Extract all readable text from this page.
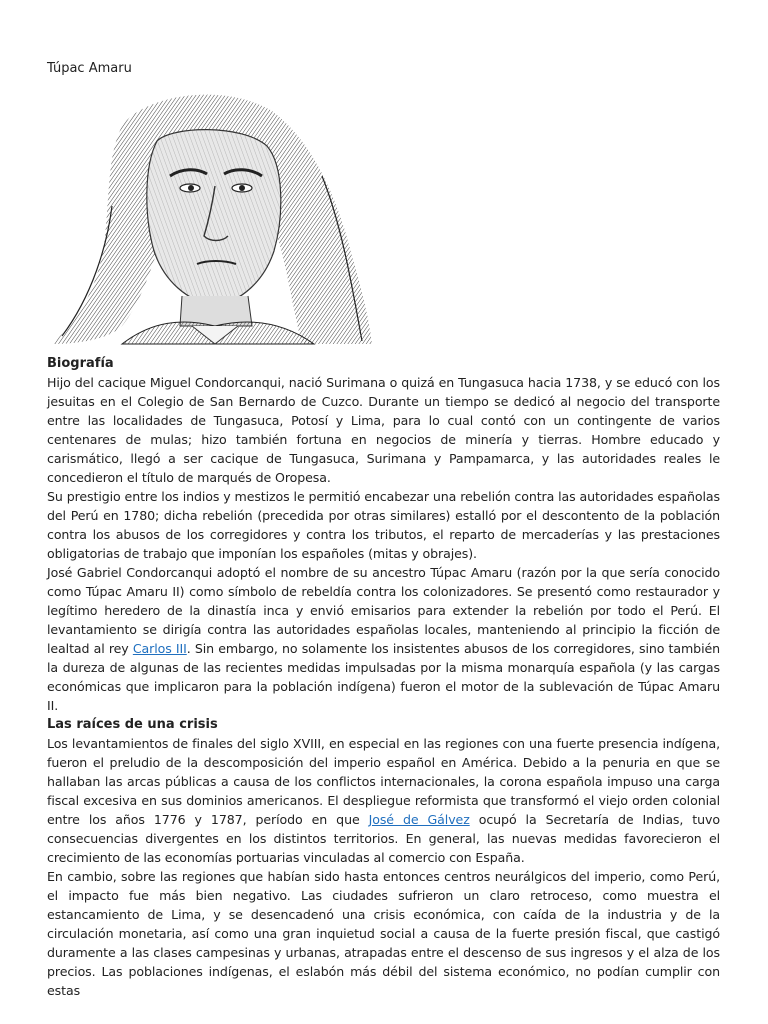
Túpac Amaru

Biografía

Hijo del cacique Miguel Condorcanqui, nació Surimana o quizá en Tungasuca hacia 1738, y se educó con los jesuitas en el Colegio de San Bernardo de Cuzco. Durante un tiempo se dedicó al negocio del transporte entre las localidades de Tungasuca, Potosí y Lima, para lo cual contó con un contingente de varios centenares de mulas; hizo también fortuna en negocios de minería y tierras. Hombre educado y carismático, llegó a ser cacique de Tungasuca, Surimana y Pampamarca, y las autoridades reales le concedieron el título de marqués de Oropesa.

Su prestigio entre los indios y mestizos le permitió encabezar una rebelión contra las autoridades españolas del Perú en 1780; dicha rebelión (precedida por otras similares) estalló por el descontento de la población contra los abusos de los corregidores y contra los tributos, el reparto de mercaderías y las prestaciones obligatorias de trabajo que imponían los españoles (mitas y obrajes).

José Gabriel Condorcanqui adoptó el nombre de su ancestro Túpac Amaru (razón por la que sería conocido como Túpac Amaru II) como símbolo de rebeldía contra los colonizadores. Se presentó como restaurador y legítimo heredero de la dinastía inca y envió emisarios para extender la rebelión por todo el Perú. El levantamiento se dirigía contra las autoridades españolas locales, manteniendo al principio la ficción de lealtad al rey Carlos III. Sin embargo, no solamente los insistentes abusos de los corregidores, sino también la dureza de algunas de las recientes medidas impulsadas por la misma monarquía española (y las cargas económicas que implicaron para la población indígena) fueron el motor de la sublevación de Túpac Amaru II.

Las raíces de una crisis

Los levantamientos de finales del siglo XVIII, en especial en las regiones con una fuerte presencia indígena, fueron el preludio de la descomposición del imperio español en América. Debido a la penuria en que se hallaban las arcas públicas a causa de los conflictos internacionales, la corona española impuso una carga fiscal excesiva en sus dominios americanos. El despliegue reformista que transformó el viejo orden colonial entre los años 1776 y 1787, período en que José de Gálvez ocupó la Secretaría de Indias, tuvo consecuencias divergentes en los distintos territorios. En general, las nuevas medidas favorecieron el crecimiento de las economías portuarias vinculadas al comercio con España.

En cambio, sobre las regiones que habían sido hasta entonces centros neurálgicos del imperio, como Perú, el impacto fue más bien negativo. Las ciudades sufrieron un claro retroceso, como muestra el estancamiento de Lima, y se desencadenó una crisis económica, con caída de la industria y de la circulación monetaria, así como una gran inquietud social a causa de la fuerte presión fiscal, que castigó duramente a las clases campesinas y urbanas, atrapadas entre el descenso de sus ingresos y el alza de los precios. Las poblaciones indígenas, el eslabón más débil del sistema económico, no podían cumplir con estas
